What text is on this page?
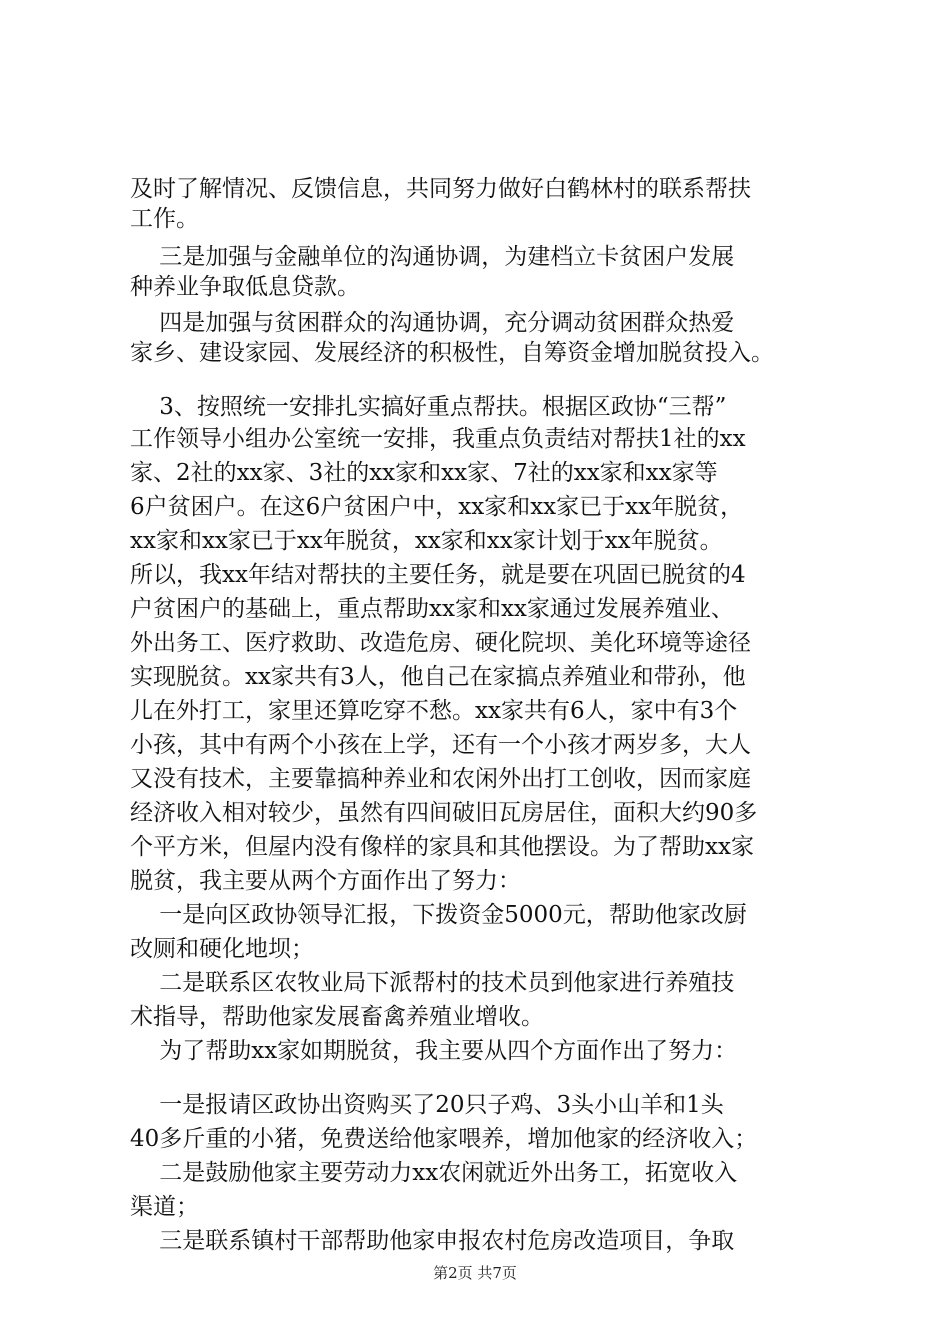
及时了解情况、反馈信息，共同努力做好白鹤林村的联系帮扶
工作。
三是加强与金融单位的沟通协调，为建档立卡贫困户发展
种养业争取低息贷款。
四是加强与贫困群众的沟通协调，充分调动贫困群众热爱
家乡、建设家园、发展经济的积极性，自筹资金增加脱贫投入。
3、按照统一安排扎实搞好重点帮扶。根据区政协“三帮”
工作领导小组办公室统一安排，我重点负责结对帮扶1社的xx
家、2社的xx家、3社的xx家和xx家、7社的xx家和xx家等
6户贫困户。在这6户贫困户中，xx家和xx家已于xx年脱贫，
xx家和xx家已于xx年脱贫，xx家和xx家计划于xx年脱贫。
所以，我xx年结对帮扶的主要任务，就是要在巩固已脱贫的4
户贫困户的基础上，重点帮助xx家和xx家通过发展养殖业、
外出务工、医疗救助、改造危房、硬化院坝、美化环境等途径
实现脱贫。xx家共有3人，他自己在家搞点养殖业和带孙，他
儿在外打工，家里还算吃穿不愁。xx家共有6人，家中有3个
小孩，其中有两个小孩在上学，还有一个小孩才两岁多，大人
又没有技术，主要靠搞种养业和农闲外出打工创收，因而家庭
经济收入相对较少，虽然有四间破旧瓦房居住，面积大约90多
个平方米，但屋内没有像样的家具和其他摆设。为了帮助xx家
脱贫，我主要从两个方面作出了努力：
一是向区政协领导汇报，下拨资金5000元，帮助他家改厨
改厕和硬化地坝；
二是联系区农牧业局下派帮村的技术员到他家进行养殖技
术指导，帮助他家发展畜禽养殖业增收。
为了帮助xx家如期脱贫，我主要从四个方面作出了努力：
一是报请区政协出资购买了20只子鸡、3头小山羊和1头
40多斤重的小猪，免费送给他家喂养，增加他家的经济收入；
二是鼓励他家主要劳动力xx农闲就近外出务工，拓宽收入
渠道；
三是联系镇村干部帮助他家申报农村危房改造项目，争取
第2页 共7页
